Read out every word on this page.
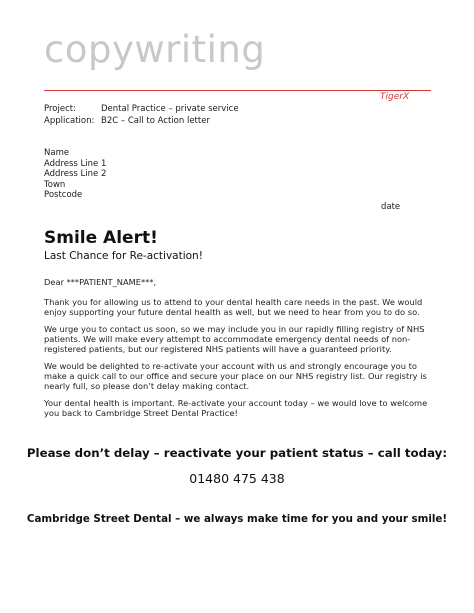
copywriting
TigerX
Project:	Dental Practice – private service
Application: B2C – Call to Action letter
Name
Address Line 1
Address Line 2
Town
Postcode
date
Smile Alert!
Last Chance for Re-activation!

Dear ***PATIENT_NAME***,

Thank you for allowing us to attend to your dental health care needs in the past. We would enjoy supporting your future dental health as well, but we need to hear from you to do so.

We urge you to contact us soon, so we may include you in our rapidly filling registry of NHS patients. We will make every attempt to accommodate emergency dental needs of non-registered patients, but our registered NHS patients will have a guaranteed priority.

We would be delighted to re-activate your account with us and strongly encourage you to make a quick call to our office and secure your place on our NHS registry list. Our registry is nearly full, so please don’t delay making contact.

Your dental health is important. Re-activate your account today – we would love to welcome you back to Cambridge Street Dental Practice!

Please don’t delay – reactivate your patient status – call today:
01480 475 438
Cambridge Street Dental – we always make time for you and your smile!
